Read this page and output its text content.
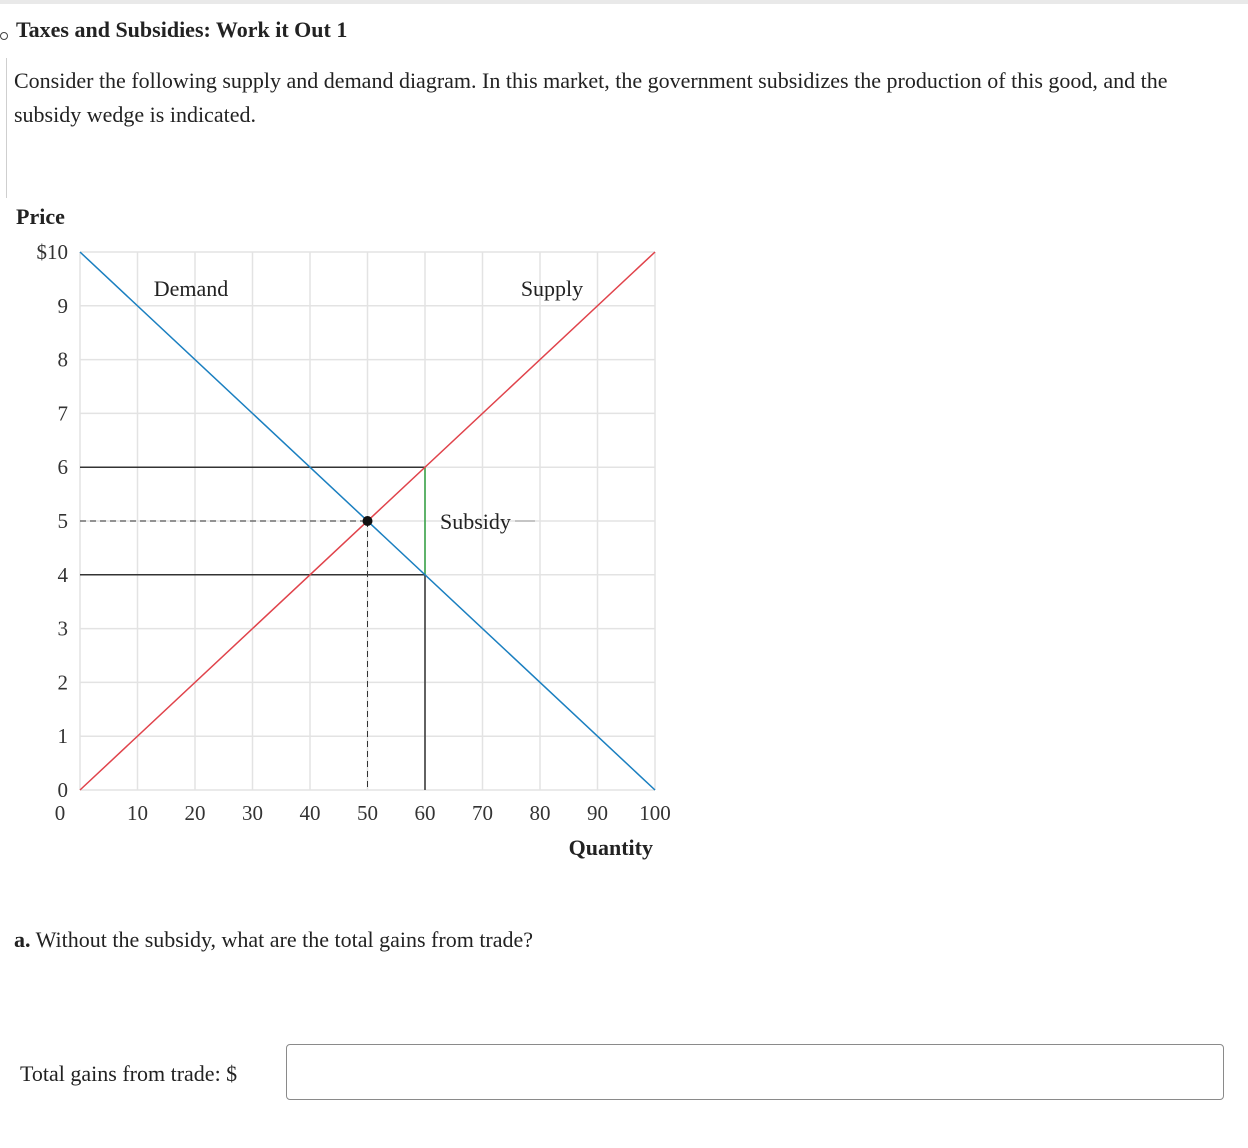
Taxes and Subsidies: Work it Out 1
Consider the following supply and demand diagram. In this market, the government subsidizes the production of this good, and the subsidy wedge is indicated.
0
1
2
3
4
5
6
7
8
9
$10
0	10 20 30 40 50 60 70 80 90 100
Price
Quantity
Demand	Supply
Subsidy
a. Without the subsidy, what are the total gains from trade?
Total gains from trade: $
